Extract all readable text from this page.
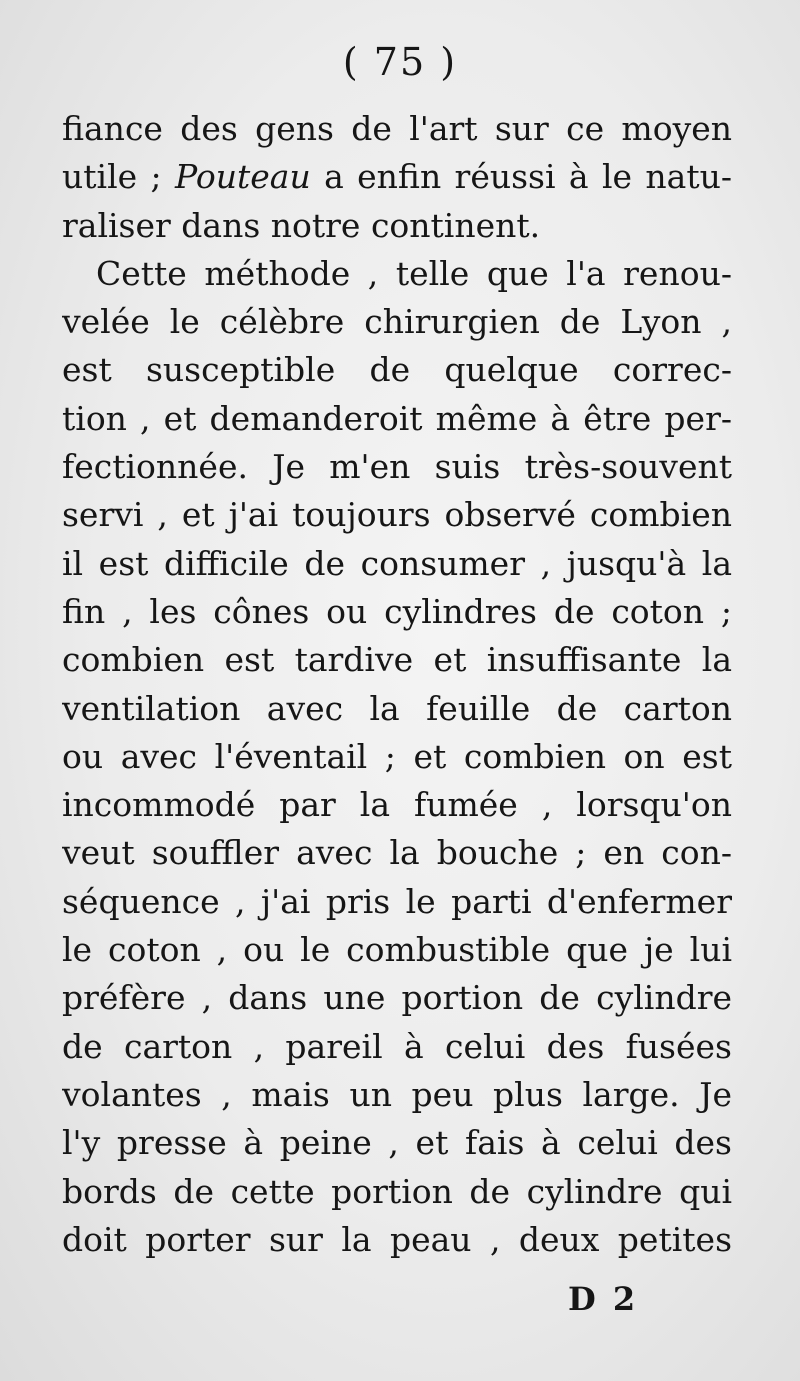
( 75 )
fiance des gens de l'art sur ce moyen
utile ; Pouteau a enfin réussi à le natu-
raliser dans notre continent.
Cette méthode , telle que l'a renou-
velée le célèbre chirurgien de Lyon ,
est susceptible de quelque correc-
tion , et demanderoit même à être per-
fectionnée. Je m'en suis très-souvent
servi , et j'ai toujours observé combien
il est difficile de consumer , jusqu'à la
fin , les cônes ou cylindres de coton ;
combien est tardive et insuffisante la
ventilation avec la feuille de carton
ou avec l'éventail ; et combien on est
incommodé par la fumée , lorsqu'on
veut souffler avec la bouche ; en con-
séquence , j'ai pris le parti d'enfermer
le coton , ou le combustible que je lui
préfère , dans une portion de cylindre
de carton , pareil à celui des fusées
volantes , mais un peu plus large. Je
l'y presse à peine , et fais à celui des
bords de cette portion de cylindre qui
doit porter sur la peau , deux petites
D 2
